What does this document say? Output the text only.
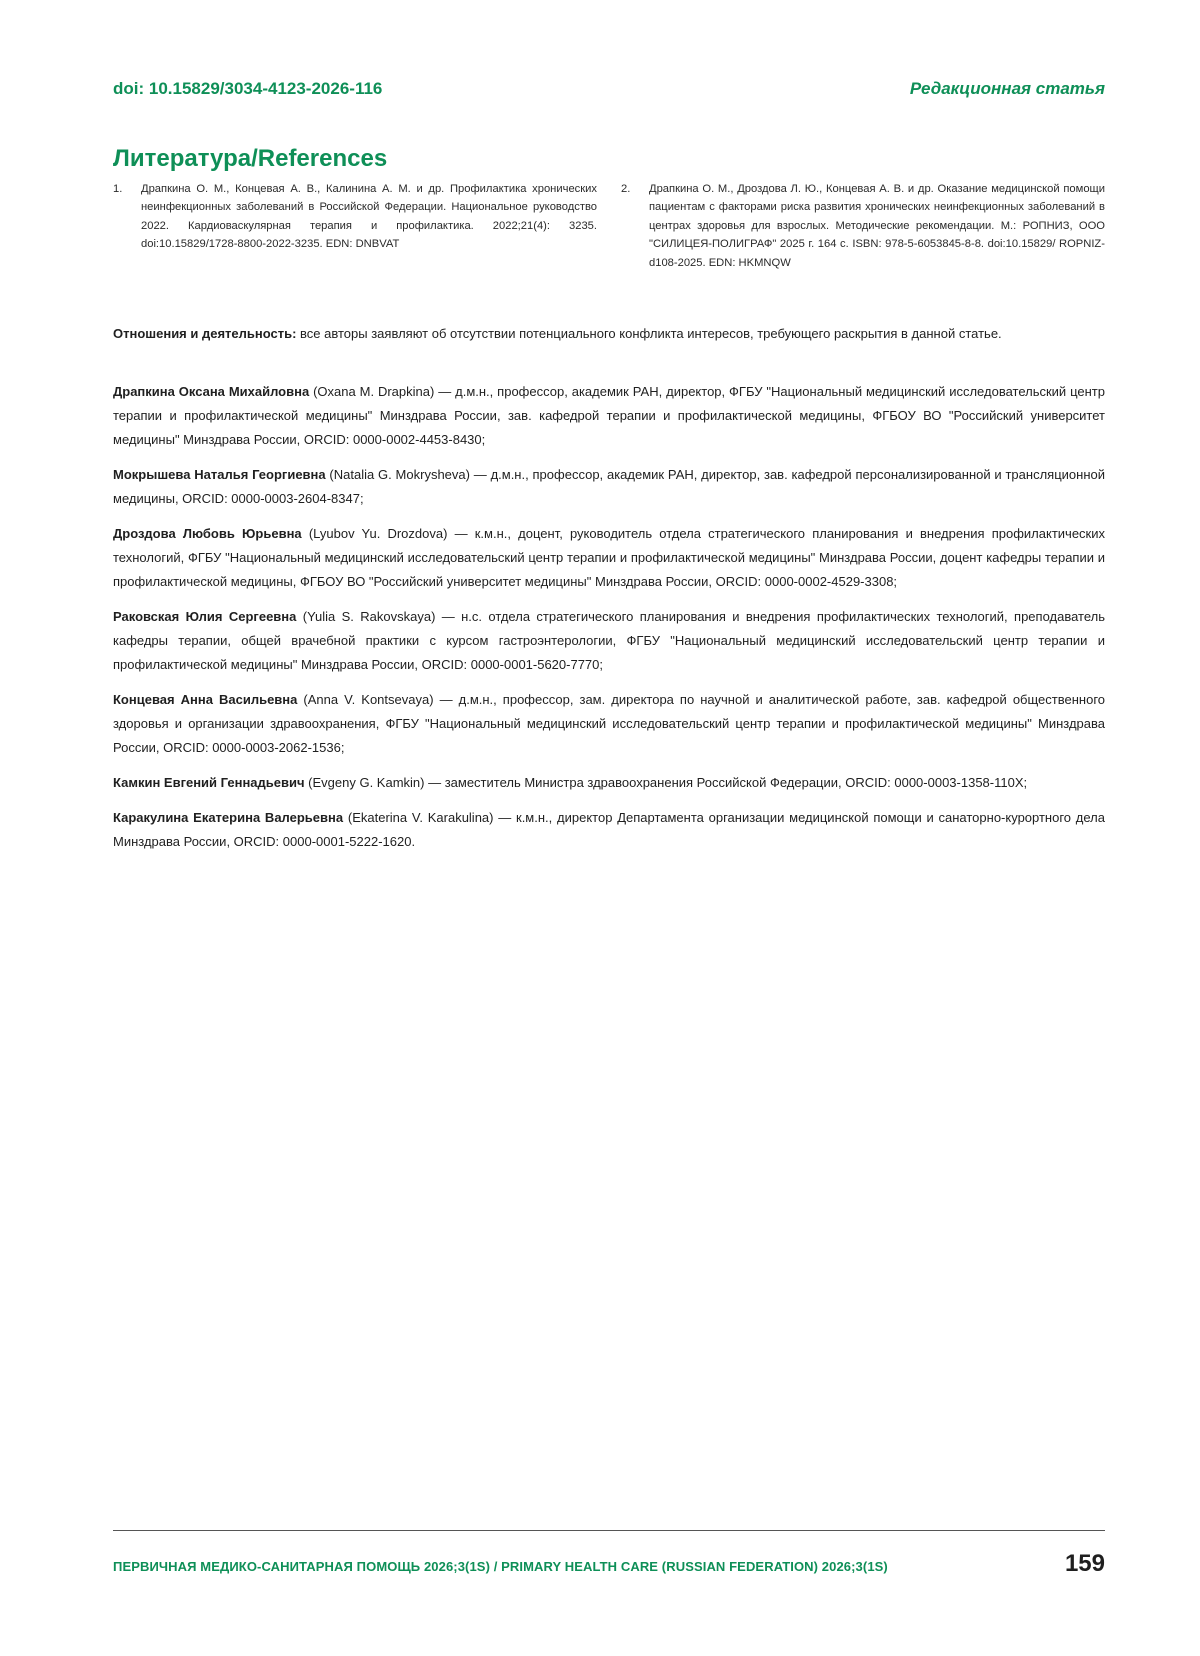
doi: 10.15829/3034-4123-2026-116	Редакционная статья
Литература/References
1. Драпкина О. М., Концевая А. В., Калинина А. М. и др. Профилактика хронических неинфекционных заболеваний в Российской Федерации. Национальное руководство 2022. Кардиоваскулярная терапия и профилактика. 2022;21(4): 3235. doi:10.15829/1728-8800-2022-3235. EDN: DNBVAT
2. Драпкина О. М., Дроздова Л. Ю., Концевая А. В. и др. Оказание медицинской помощи пациентам с факторами риска развития хронических неинфекционных заболеваний в центрах здоровья для взрослых. Методические рекомендации. М.: РОПНИЗ, ООО "СИЛИЦЕЯ-ПОЛИГРАФ" 2025 г. 164 с. ISBN: 978-5-6053845-8-8. doi:10.15829/ ROPNIZ-d108-2025. EDN: HKMNQW

Отношения и деятельность: все авторы заявляют об отсутствии потенциального конфликта интересов, требующего раскрытия в данной статье.

Драпкина Оксана Михайловна (Oxana M. Drapkina) — д.м.н., профессор, академик РАН, директор, ФГБУ "Национальный медицинский исследовательский центр терапии и профилактической медицины" Минздрава России, зав. кафедрой терапии и профилактической медицины, ФГБОУ ВО "Российский университет медицины" Минздрава России, ORCID: 0000-0002-4453-8430;

Мокрышева Наталья Георгиевна (Natalia G. Mokrysheva) — д.м.н., профессор, академик РАН, директор, зав. кафедрой персонализированной и трансляционной медицины, ORCID: 0000-0003-2604-8347;

Дроздова Любовь Юрьевна (Lyubov Yu. Drozdova) — к.м.н., доцент, руководитель отдела стратегического планирования и внедрения профилактических технологий, ФГБУ "Национальный медицинский исследовательский центр терапии и профилактической медицины" Минздрава России, доцент кафедры терапии и профилактической медицины, ФГБОУ ВО "Российский университет медицины" Минздрава России, ORCID: 0000-0002-4529-3308;

Раковская Юлия Сергеевна (Yulia S. Rakovskaya) — н.с. отдела стратегического планирования и внедрения профилактических технологий, преподаватель кафедры терапии, общей врачебной практики с курсом гастроэнтерологии, ФГБУ "Национальный медицинский исследовательский центр терапии и профилактической медицины" Минздрава России, ORCID: 0000-0001-5620-7770;

Концевая Анна Васильевна (Anna V. Kontsevaya) — д.м.н., профессор, зам. директора по научной и аналитической работе, зав. кафедрой общественного здоровья и организации здравоохранения, ФГБУ "Национальный медицинский исследовательский центр терапии и профилактической медицины" Минздрава России, ORCID: 0000-0003-2062-1536;

Камкин Евгений Геннадьевич (Evgeny G. Kamkin) — заместитель Министра здравоохранения Российской Федерации, ORCID: 0000-0003-1358-110X;

Каракулина Екатерина Валерьевна (Ekaterina V. Karakulina) — к.м.н., директор Департамента организации медицинской помощи и санаторно-курортного дела Минздрава России, ORCID: 0000-0001-5222-1620.

ПЕРВИЧНАЯ МЕДИКО-САНИТАРНАЯ ПОМОЩЬ 2026;3(1S) / PRIMARY HEALTH CARE (RUSSIAN FEDERATION) 2026;3(1S)	159
